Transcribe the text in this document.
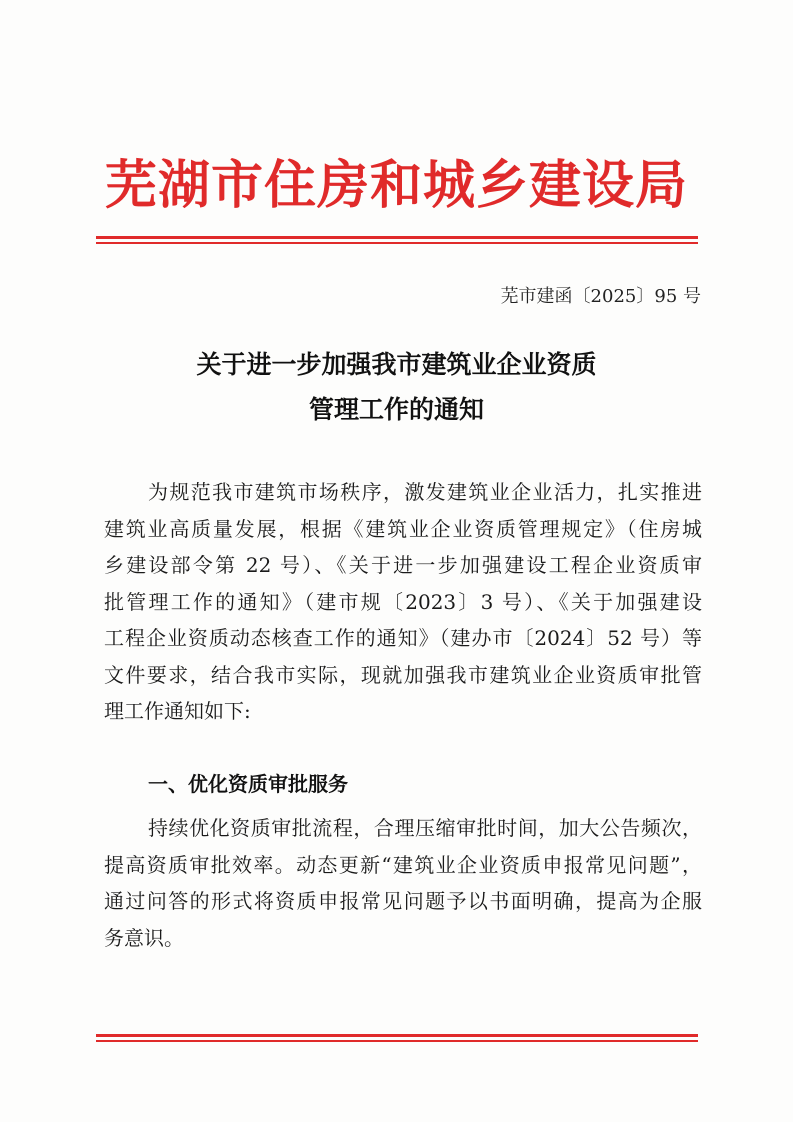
芜湖市住房和城乡建设局
芜市建函〔2025〕95 号
关于进一步加强我市建筑业企业资质
管理工作的通知
为规范我市建筑市场秩序，激发建筑业企业活力，扎实推进
建筑业高质量发展，根据《建筑业企业资质管理规定》（住房城
乡建设部令第 22 号）、《关于进一步加强建设工程企业资质审
批管理工作的通知》（建市规〔2023〕3 号）、《关于加强建设
工程企业资质动态核查工作的通知》（建办市〔2024〕52 号）等
文件要求，结合我市实际，现就加强我市建筑业企业资质审批管
理工作通知如下:
一、优化资质审批服务
持续优化资质审批流程，合理压缩审批时间，加大公告频次，
提高资质审批效率。动态更新“建筑业企业资质申报常见问题”，
通过问答的形式将资质申报常见问题予以书面明确，提高为企服
务意识。
